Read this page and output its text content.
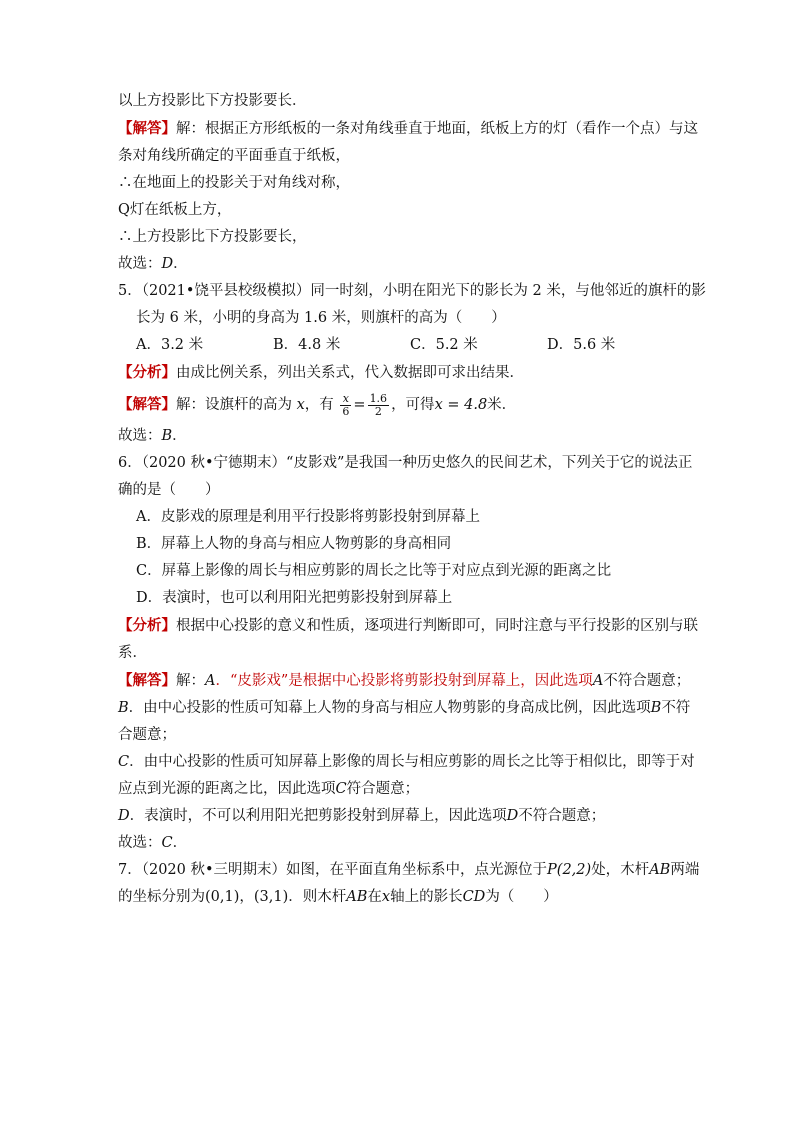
以上方投影比下方投影要长．
【解答】解：根据正方形纸板的一条对角线垂直于地面，纸板上方的灯（看作一个点）与这
条对角线所确定的平面垂直于纸板，
∴在地面上的投影关于对角线对称，
Q灯在纸板上方，
∴上方投影比下方投影要长，
故选：D．
5．（2021•饶平县校级模拟）同一时刻，小明在阳光下的影长为 2 米，与他邻近的旗杆的影
长为 6 米，小明的身高为 1.6 米，则旗杆的高为（　　）
A．3.2 米	B．4.8 米	C．5.2 米	D．5.6 米
【分析】由成比例关系，列出关系式，代入数据即可求出结果．
【解答】解：设旗杆的高为 x，有 $\frac{x}{6} = \frac{1.6}{2}$ ，可得x = 4.8米．
故选：B．
6．（2020 秋•宁德期末）“皮影戏”是我国一种历史悠久的民间艺术，下列关于它的说法正
确的是（　　）
A．皮影戏的原理是利用平行投影将剪影投射到屏幕上
B．屏幕上人物的身高与相应人物剪影的身高相同
C．屏幕上影像的周长与相应剪影的周长之比等于对应点到光源的距离之比
D．表演时，也可以利用阳光把剪影投射到屏幕上
【分析】根据中心投影的意义和性质，逐项进行判断即可，同时注意与平行投影的区别与联
系．
【解答】解：A．“皮影戏”是根据中心投影将剪影投射到屏幕上，因此选项A不符合题意；
B．由中心投影的性质可知幕上人物的身高与相应人物剪影的身高成比例，因此选项B不符
合题意；
C．由中心投影的性质可知屏幕上影像的周长与相应剪影的周长之比等于相似比，即等于对
应点到光源的距离之比，因此选项C符合题意；
D．表演时，不可以利用阳光把剪影投射到屏幕上，因此选项D不符合题意；
故选：C．
7．（2020 秋•三明期末）如图，在平面直角坐标系中，点光源位于P(2,2)处，木杆AB两端
的坐标分别为(0,1)，(3,1)．则木杆AB在x轴上的影长CD为（　　）
